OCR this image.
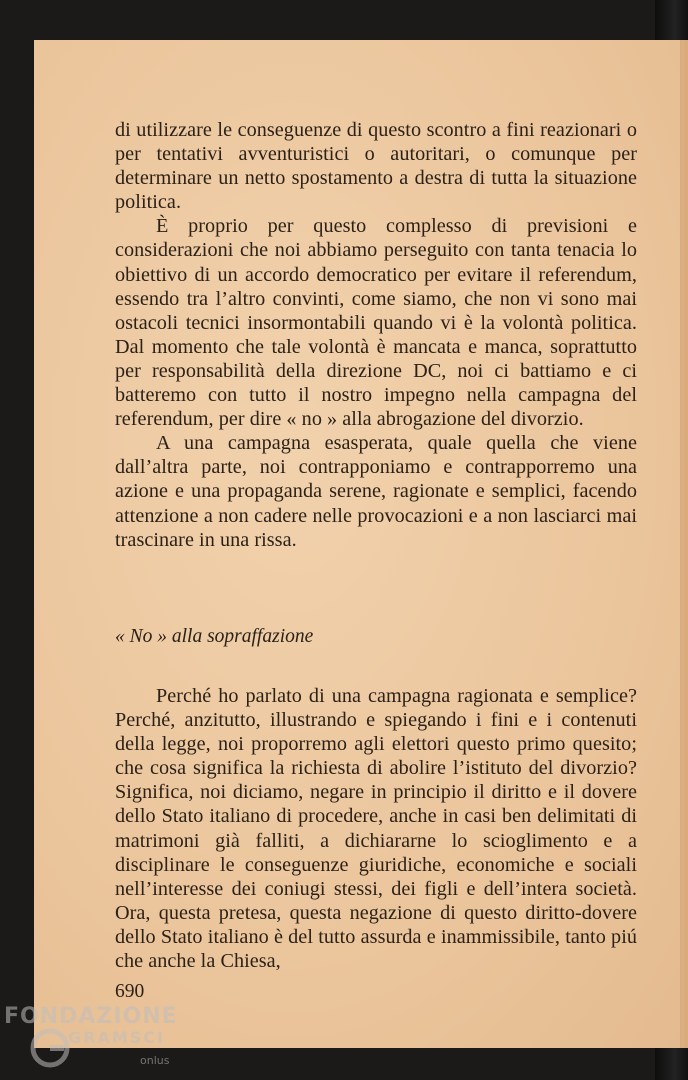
di utilizzare le conseguenze di questo scontro a fini reazionari o per tentativi avventuristici o autoritari, o comunque per determinare un netto spostamento a destra di tutta la situazione politica.

È proprio per questo complesso di previsioni e considerazioni che noi abbiamo perseguito con tanta tenacia lo obiettivo di un accordo democratico per evitare il referendum, essendo tra l’altro convinti, come siamo, che non vi sono mai ostacoli tecnici insormontabili quando vi è la volontà politica. Dal momento che tale volontà è mancata e manca, soprattutto per responsabilità della direzione DC, noi ci battiamo e ci batteremo con tutto il nostro impegno nella campagna del referendum, per dire « no » alla abrogazione del divorzio.

A una campagna esasperata, quale quella che viene dall’altra parte, noi contrapponiamo e contrapporremo una azione e una propaganda serene, ragionate e semplici, facendo attenzione a non cadere nelle provocazioni e a non lasciarci mai trascinare in una rissa.

« No » alla sopraffazione

Perché ho parlato di una campagna ragionata e semplice? Perché, anzitutto, illustrando e spiegando i fini e i contenuti della legge, noi proporremo agli elettori questo primo quesito; che cosa significa la richiesta di abolire l’istituto del divorzio? Significa, noi diciamo, negare in principio il diritto e il dovere dello Stato italiano di procedere, anche in casi ben delimitati di matrimoni già falliti, a dichiararne lo scioglimento e a disciplinare le conseguenze giuridiche, economiche e sociali nell’interesse dei coniugi stessi, dei figli e dell’intera società. Ora, questa pretesa, questa negazione di questo diritto-dovere dello Stato italiano è del tutto assurda e inammissibile, tanto piú che anche la Chiesa,

690
FONDAZIONE
GRAMSCI
onlus
